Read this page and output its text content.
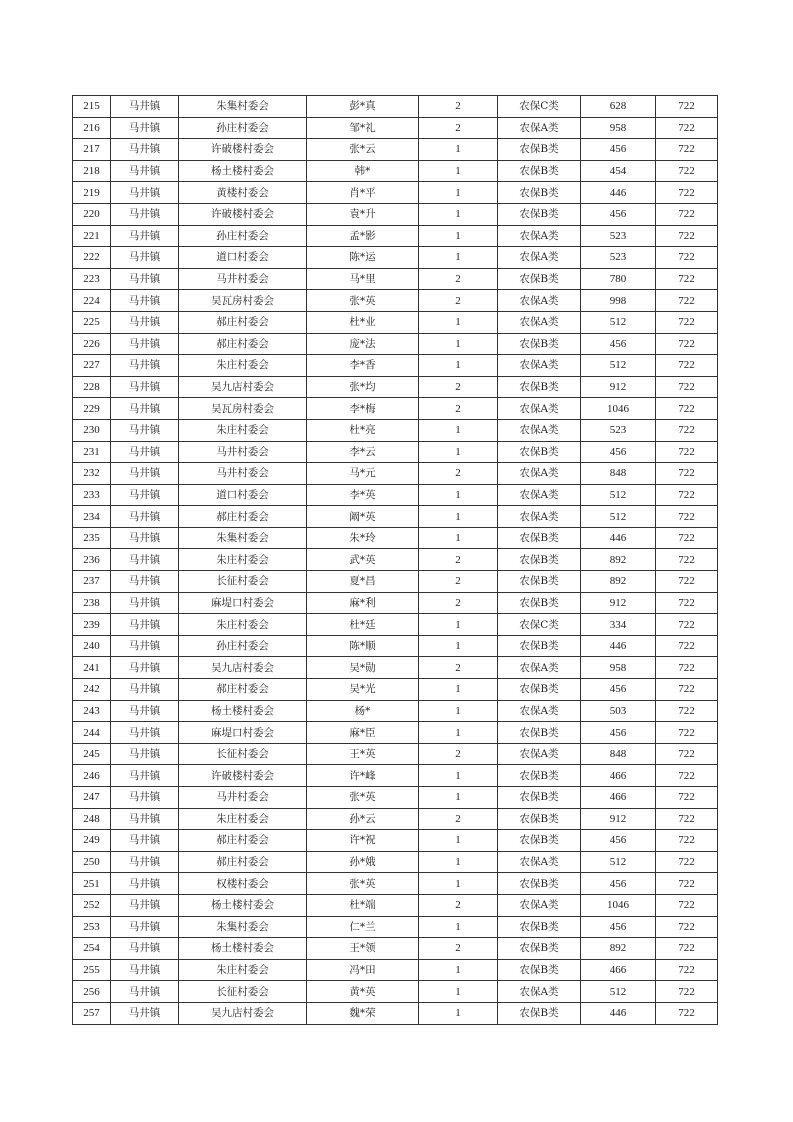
215	马井镇	朱集村委会	彭*真	2	农保C类	628	722
216	马井镇	孙庄村委会	邹*礼	2	农保A类	958	722
217	马井镇	许破楼村委会	张*云	1	农保B类	456	722
218	马井镇	杨土楼村委会	韩*	1	农保B类	454	722
219	马井镇	黄楼村委会	肖*平	1	农保B类	446	722
220	马井镇	许破楼村委会	袁*升	1	农保B类	456	722
221	马井镇	孙庄村委会	孟*影	1	农保A类	523	722
222	马井镇	道口村委会	陈*运	1	农保A类	523	722
223	马井镇	马井村委会	马*里	2	农保B类	780	722
224	马井镇	吴瓦房村委会	张*英	2	农保A类	998	722
225	马井镇	郝庄村委会	杜*业	1	农保A类	512	722
226	马井镇	郝庄村委会	庞*法	1	农保B类	456	722
227	马井镇	朱庄村委会	李*香	1	农保A类	512	722
228	马井镇	吴九店村委会	张*均	2	农保B类	912	722
229	马井镇	吴瓦房村委会	李*梅	2	农保A类	1046	722
230	马井镇	朱庄村委会	杜*亮	1	农保A类	523	722
231	马井镇	马井村委会	李*云	1	农保B类	456	722
232	马井镇	马井村委会	马*元	2	农保A类	848	722
233	马井镇	道口村委会	李*英	1	农保A类	512	722
234	马井镇	郝庄村委会	阚*英	1	农保A类	512	722
235	马井镇	朱集村委会	朱*玲	1	农保B类	446	722
236	马井镇	朱庄村委会	武*英	2	农保B类	892	722
237	马井镇	长征村委会	夏*昌	2	农保B类	892	722
238	马井镇	麻堤口村委会	麻*利	2	农保B类	912	722
239	马井镇	朱庄村委会	杜*廷	1	农保C类	334	722
240	马井镇	孙庄村委会	陈*顺	1	农保B类	446	722
241	马井镇	吴九店村委会	吴*勋	2	农保A类	958	722
242	马井镇	郝庄村委会	吴*光	1	农保B类	456	722
243	马井镇	杨土楼村委会	杨*	1	农保A类	503	722
244	马井镇	麻堤口村委会	麻*臣	1	农保B类	456	722
245	马井镇	长征村委会	王*英	2	农保A类	848	722
246	马井镇	许破楼村委会	许*峰	1	农保B类	466	722
247	马井镇	马井村委会	张*英	1	农保B类	466	722
248	马井镇	朱庄村委会	孙*云	2	农保B类	912	722
249	马井镇	郝庄村委会	许*祝	1	农保B类	456	722
250	马井镇	郝庄村委会	孙*娥	1	农保A类	512	722
251	马井镇	权楼村委会	张*英	1	农保B类	456	722
252	马井镇	杨土楼村委会	杜*端	2	农保A类	1046	722
253	马井镇	朱集村委会	仁*兰	1	农保B类	456	722
254	马井镇	杨土楼村委会	王*领	2	农保B类	892	722
255	马井镇	朱庄村委会	冯*田	1	农保B类	466	722
256	马井镇	长征村委会	黄*英	1	农保A类	512	722
257	马井镇	吴九店村委会	魏*荣	1	农保B类	446	722
